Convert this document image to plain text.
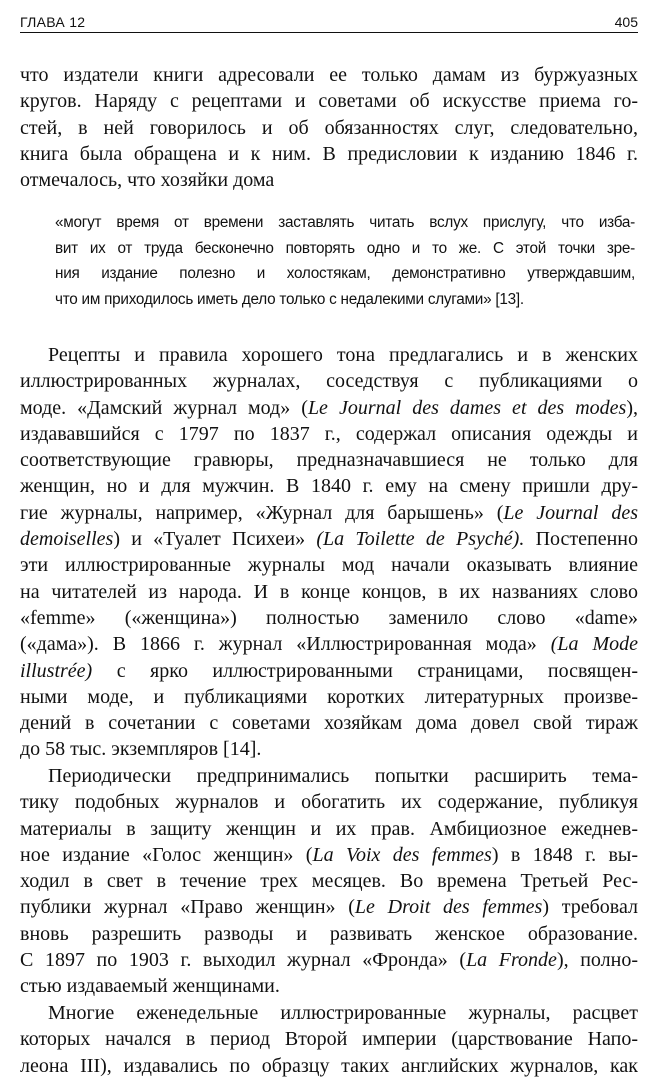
ГЛАВА 12	405
что издатели книги адресовали ее только дамам из буржуазных
кругов. Наряду с рецептами и советами об искусстве приема го-
стей, в ней говорилось и об обязанностях слуг, следовательно,
книга была обращена и к ним. В предисловии к изданию 1846 г.
отмечалось, что хозяйки дома
«могут время от времени заставлять читать вслух прислугу, что изба-
вит их от труда бесконечно повторять одно и то же. С этой точки зре-
ния издание полезно и холостякам, демонстративно утверждавшим,
что им приходилось иметь дело только с недалекими слугами» [13].
Рецепты и правила хорошего тона предлагались и в женских
иллюстрированных журналах, соседствуя с публикациями о
моде. «Дамский журнал мод» (Le Journal des dames et des modes),
издававшийся с 1797 по 1837 г., содержал описания одежды и
соответствующие гравюры, предназначавшиеся не только для
женщин, но и для мужчин. В 1840 г. ему на смену пришли дру-
гие журналы, например, «Журнал для барышень» (Le Journal des
demoiselles) и «Туалет Психеи» (La Toilette de Psyché). Постепенно
эти иллюстрированные журналы мод начали оказывать влияние
на читателей из народа. И в конце концов, в их названиях слово
«femme» («женщина») полностью заменило слово «dame»
(«дама»). В 1866 г. журнал «Иллюстрированная мода» (La Mode
illustrée) с ярко иллюстрированными страницами, посвящен-
ными моде, и публикациями коротких литературных произве-
дений в сочетании с советами хозяйкам дома довел свой тираж
до 58 тыс. экземпляров [14].
Периодически предпринимались попытки расширить тема-
тику подобных журналов и обогатить их содержание, публикуя
материалы в защиту женщин и их прав. Амбициозное ежеднев-
ное издание «Голос женщин» (La Voix des femmes) в 1848 г. вы-
ходил в свет в течение трех месяцев. Во времена Третьей Рес-
публики журнал «Право женщин» (Le Droit des femmes) требовал
вновь разрешить разводы и развивать женское образование.
С 1897 по 1903 г. выходил журнал «Фронда» (La Fronde), полно-
стью издаваемый женщинами.
Многие еженедельные иллюстрированные журналы, расцвет
которых начался в период Второй империи (царствование Напо-
леона III), издавались по образцу таких английских журналов, как
